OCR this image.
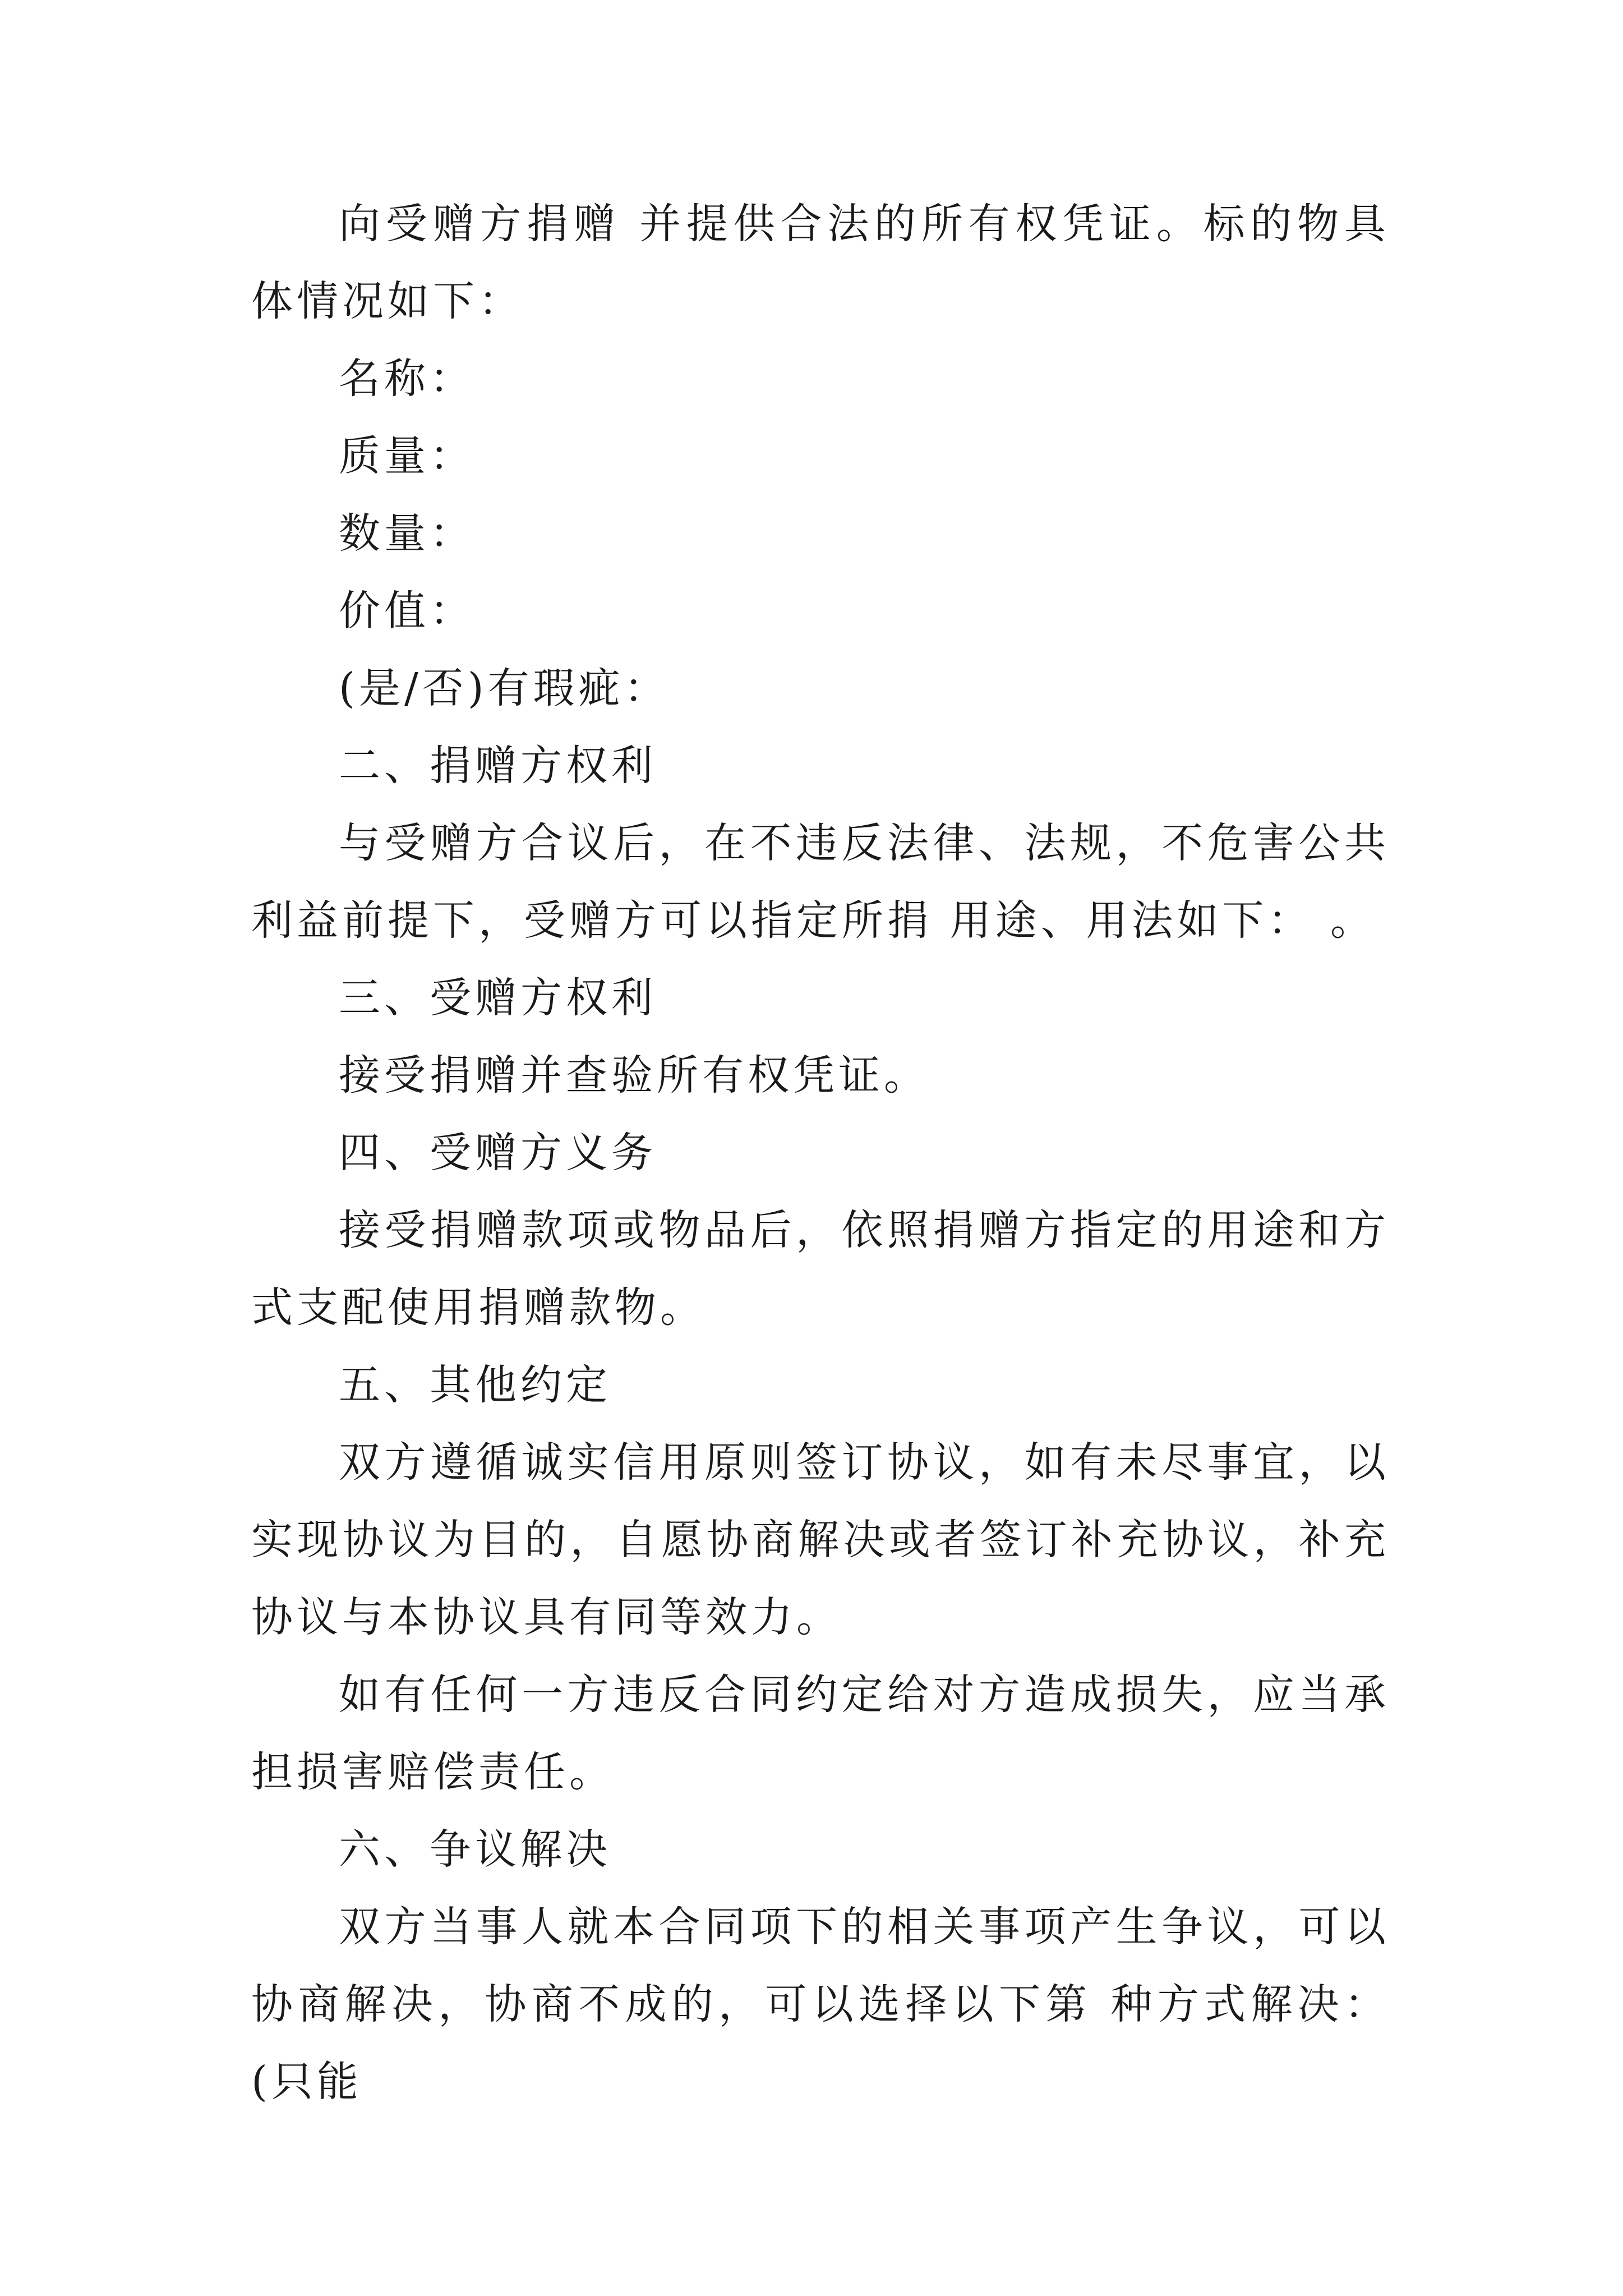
向受赠方捐赠 并提供合法的所有权凭证。标的物具体情况如下：

名称：

质量：

数量：

价值：

(是/否)有瑕疵：

二、捐赠方权利

与受赠方合议后，在不违反法律、法规，不危害公共利益前提下，受赠方可以指定所捐 用途、用法如下： 。

三、受赠方权利

接受捐赠并查验所有权凭证。

四、受赠方义务

接受捐赠款项或物品后，依照捐赠方指定的用途和方式支配使用捐赠款物。

五、其他约定

双方遵循诚实信用原则签订协议，如有未尽事宜，以实现协议为目的，自愿协商解决或者签订补充协议，补充协议与本协议具有同等效力。

如有任何一方违反合同约定给对方造成损失，应当承担损害赔偿责任。

六、争议解决

双方当事人就本合同项下的相关事项产生争议，可以协商解决，协商不成的，可以选择以下第 种方式解决：(只能
